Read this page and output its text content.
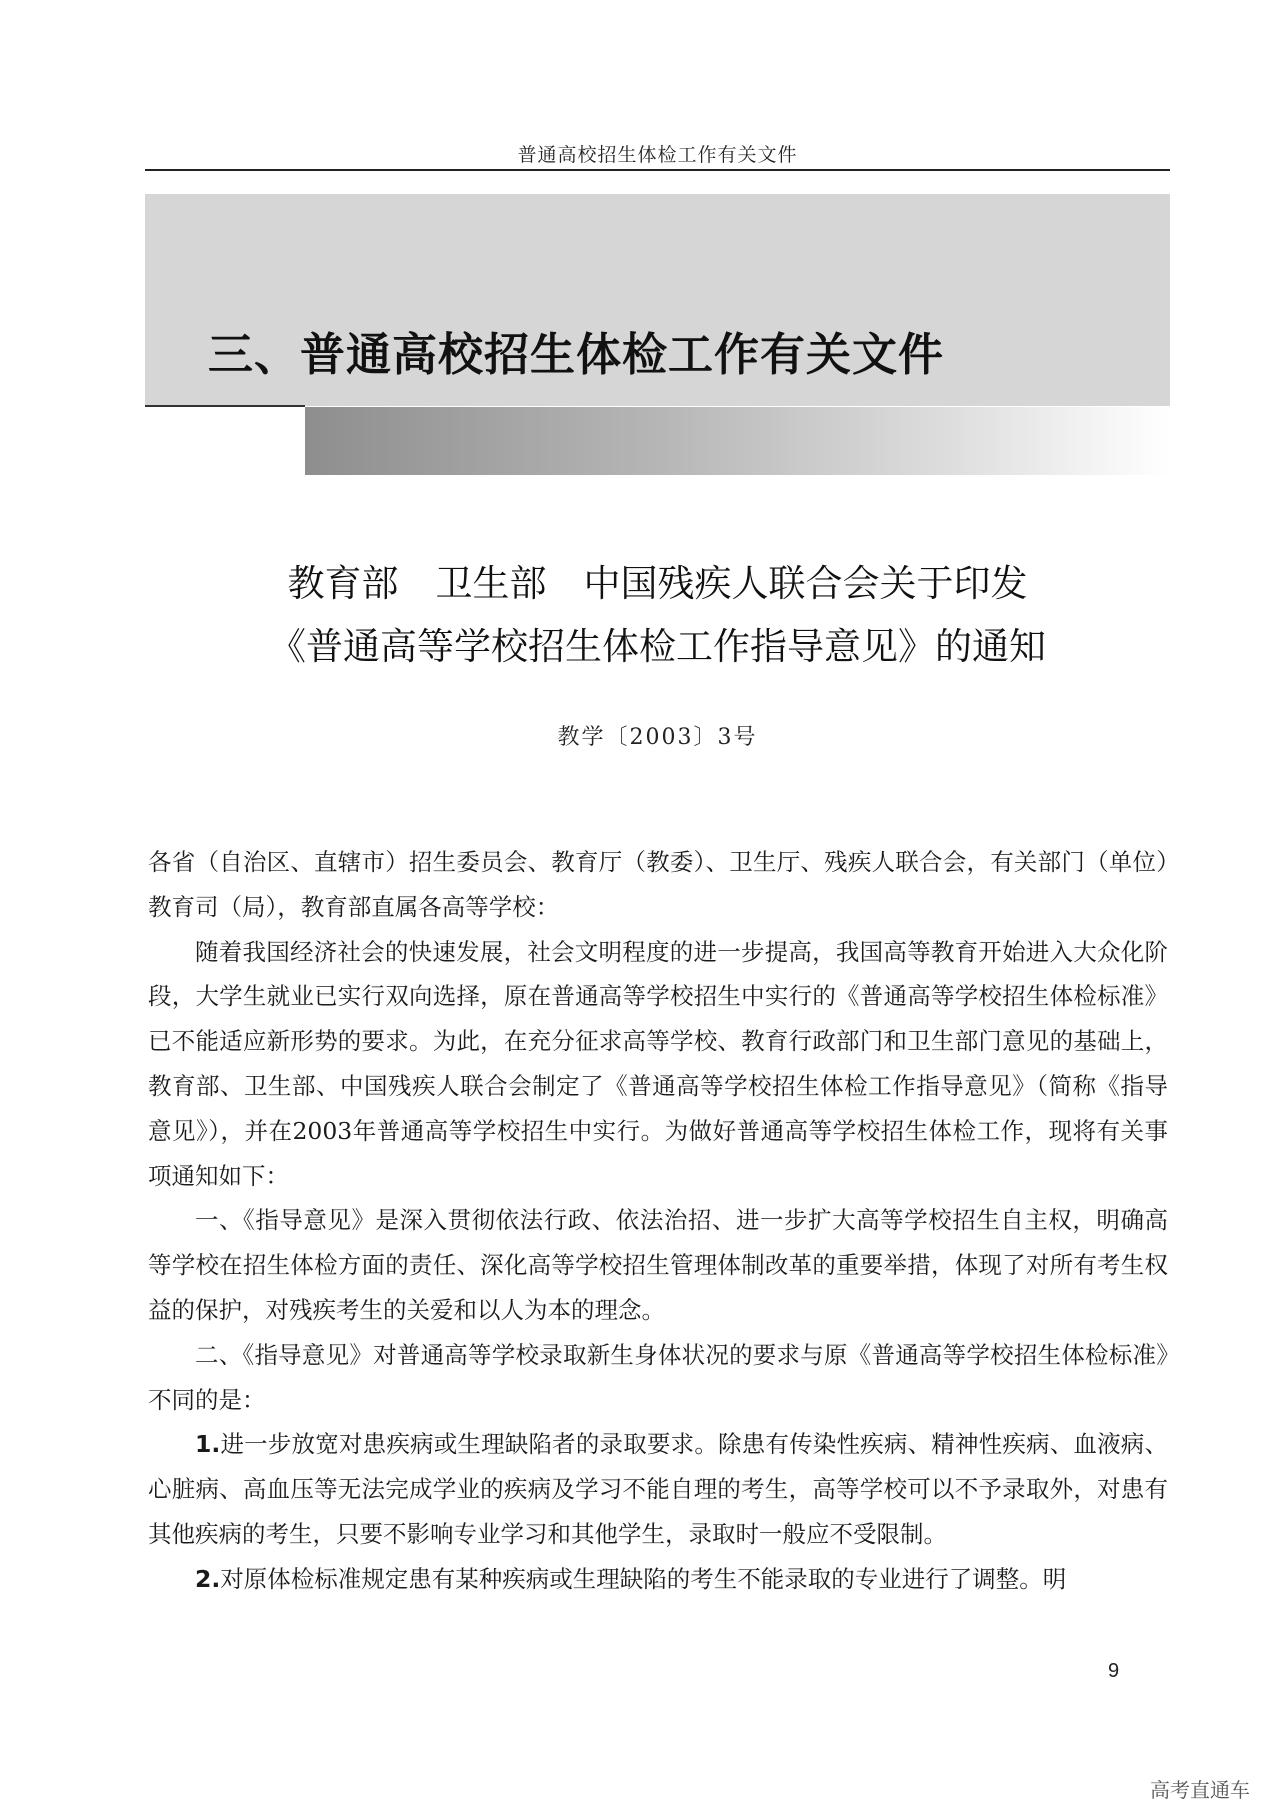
普通高校招生体检工作有关文件
三、普通高校招生体检工作有关文件
教育部　卫生部　中国残疾人联合会关于印发
《普通高等学校招生体检工作指导意见》的通知
教学〔2003〕3号

各省（自治区、直辖市）招生委员会、教育厅（教委）、卫生厅、残疾人联合会，有关部门（单位）教育司（局），教育部直属各高等学校：

随着我国经济社会的快速发展，社会文明程度的进一步提高，我国高等教育开始进入大众化阶段，大学生就业已实行双向选择，原在普通高等学校招生中实行的《普通高等学校招生体检标准》已不能适应新形势的要求。为此，在充分征求高等学校、教育行政部门和卫生部门意见的基础上，教育部、卫生部、中国残疾人联合会制定了《普通高等学校招生体检工作指导意见》（简称《指导意见》），并在2003年普通高等学校招生中实行。为做好普通高等学校招生体检工作，现将有关事项通知如下：

一、《指导意见》是深入贯彻依法行政、依法治招、进一步扩大高等学校招生自主权，明确高等学校在招生体检方面的责任、深化高等学校招生管理体制改革的重要举措，体现了对所有考生权益的保护，对残疾考生的关爱和以人为本的理念。

二、《指导意见》对普通高等学校录取新生身体状况的要求与原《普通高等学校招生体检标准》不同的是：

1.进一步放宽对患疾病或生理缺陷者的录取要求。除患有传染性疾病、精神性疾病、血液病、心脏病、高血压等无法完成学业的疾病及学习不能自理的考生，高等学校可以不予录取外，对患有其他疾病的考生，只要不影响专业学习和其他学生，录取时一般应不受限制。

2.对原体检标准规定患有某种疾病或生理缺陷的考生不能录取的专业进行了调整。明

9
高考直通车
